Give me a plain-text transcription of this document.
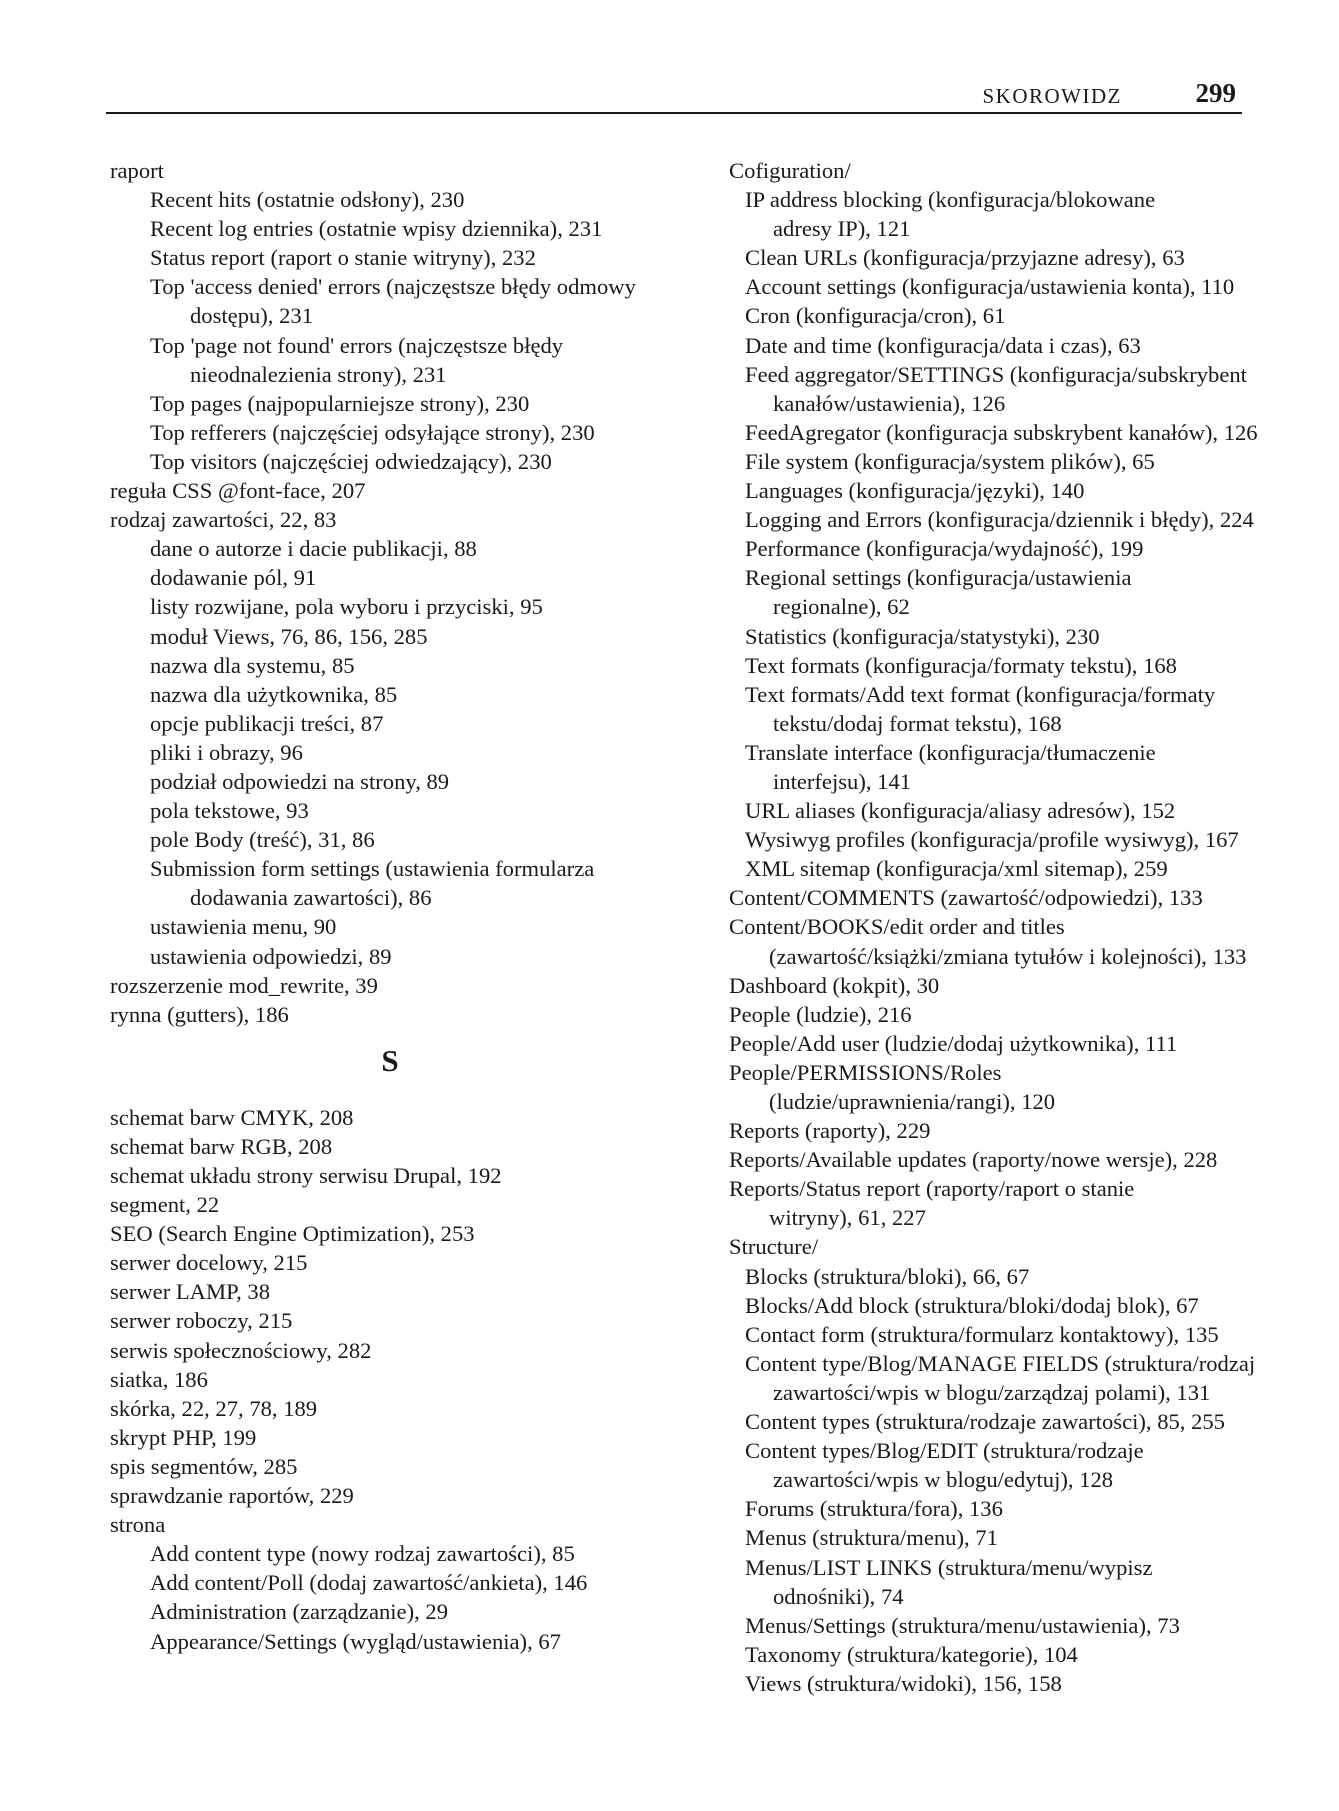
SKOROWIDZ	299
raport
Recent hits (ostatnie odsłony), 230
Recent log entries (ostatnie wpisy dziennika), 231
Status report (raport o stanie witryny), 232
Top 'access denied' errors (najczęstsze błędy odmowy
dostępu), 231
Top 'page not found' errors (najczęstsze błędy
nieodnalezienia strony), 231
Top pages (najpopularniejsze strony), 230
Top refferers (najczęściej odsyłające strony), 230
Top visitors (najczęściej odwiedzający), 230
reguła CSS @font-face, 207
rodzaj zawartości, 22, 83
dane o autorze i dacie publikacji, 88
dodawanie pól, 91
listy rozwijane, pola wyboru i przyciski, 95
moduł Views, 76, 86, 156, 285
nazwa dla systemu, 85
nazwa dla użytkownika, 85
opcje publikacji treści, 87
pliki i obrazy, 96
podział odpowiedzi na strony, 89
pola tekstowe, 93
pole Body (treść), 31, 86
Submission form settings (ustawienia formularza
dodawania zawartości), 86
ustawienia menu, 90
ustawienia odpowiedzi, 89
rozszerzenie mod_rewrite, 39
rynna (gutters), 186
S
schemat barw CMYK, 208
schemat barw RGB, 208
schemat układu strony serwisu Drupal, 192
segment, 22
SEO (Search Engine Optimization), 253
serwer docelowy, 215
serwer LAMP, 38
serwer roboczy, 215
serwis społecznościowy, 282
siatka, 186
skórka, 22, 27, 78, 189
skrypt PHP, 199
spis segmentów, 285
sprawdzanie raportów, 229
strona
Add content type (nowy rodzaj zawartości), 85
Add content/Poll (dodaj zawartość/ankieta), 146
Administration (zarządzanie), 29
Appearance/Settings (wygląd/ustawienia), 67
Cofiguration/
IP address blocking (konfiguracja/blokowane
adresy IP), 121
Clean URLs (konfiguracja/przyjazne adresy), 63
Account settings (konfiguracja/ustawienia konta), 110
Cron (konfiguracja/cron), 61
Date and time (konfiguracja/data i czas), 63
Feed aggregator/SETTINGS (konfiguracja/subskrybent
kanałów/ustawienia), 126
FeedAgregator (konfiguracja subskrybent kanałów), 126
File system (konfiguracja/system plików), 65
Languages (konfiguracja/języki), 140
Logging and Errors (konfiguracja/dziennik i błędy), 224
Performance (konfiguracja/wydajność), 199
Regional settings (konfiguracja/ustawienia
regionalne), 62
Statistics (konfiguracja/statystyki), 230
Text formats (konfiguracja/formaty tekstu), 168
Text formats/Add text format (konfiguracja/formaty
tekstu/dodaj format tekstu), 168
Translate interface (konfiguracja/tłumaczenie
interfejsu), 141
URL aliases (konfiguracja/aliasy adresów), 152
Wysiwyg profiles (konfiguracja/profile wysiwyg), 167
XML sitemap (konfiguracja/xml sitemap), 259
Content/COMMENTS (zawartość/odpowiedzi), 133
Content/BOOKS/edit order and titles
(zawartość/książki/zmiana tytułów i kolejności), 133
Dashboard (kokpit), 30
People (ludzie), 216
People/Add user (ludzie/dodaj użytkownika), 111
People/PERMISSIONS/Roles
(ludzie/uprawnienia/rangi), 120
Reports (raporty), 229
Reports/Available updates (raporty/nowe wersje), 228
Reports/Status report (raporty/raport o stanie
witryny), 61, 227
Structure/
Blocks (struktura/bloki), 66, 67
Blocks/Add block (struktura/bloki/dodaj blok), 67
Contact form (struktura/formularz kontaktowy), 135
Content type/Blog/MANAGE FIELDS (struktura/rodzaj
zawartości/wpis w blogu/zarządzaj polami), 131
Content types (struktura/rodzaje zawartości), 85, 255
Content types/Blog/EDIT (struktura/rodzaje
zawartości/wpis w blogu/edytuj), 128
Forums (struktura/fora), 136
Menus (struktura/menu), 71
Menus/LIST LINKS (struktura/menu/wypisz
odnośniki), 74
Menus/Settings (struktura/menu/ustawienia), 73
Taxonomy (struktura/kategorie), 104
Views (struktura/widoki), 156, 158
